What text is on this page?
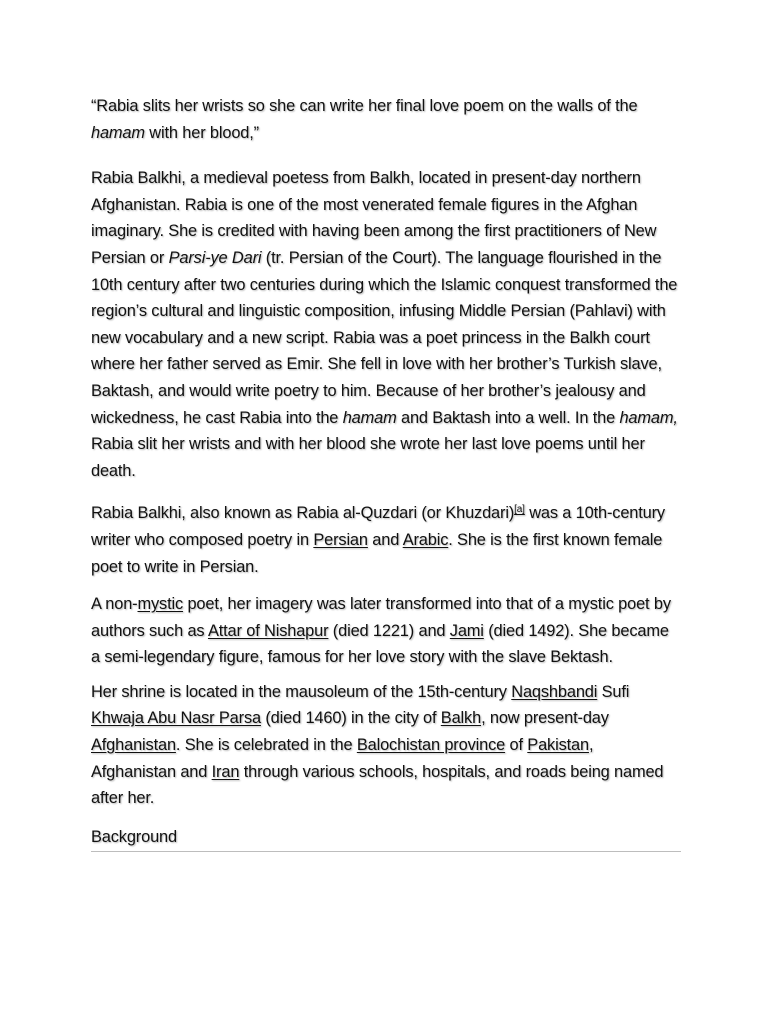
“Rabia slits her wrists so she can write her final love poem on the walls of the hamam with her blood,”

Rabia Balkhi, a medieval poetess from Balkh, located in present-day northern Afghanistan. Rabia is one of the most venerated female figures in the Afghan imaginary. She is credited with having been among the first practitioners of New Persian or Parsi-ye Dari (tr. Persian of the Court). The language flourished in the 10th century after two centuries during which the Islamic conquest transformed the region’s cultural and linguistic composition, infusing Middle Persian (Pahlavi) with new vocabulary and a new script. Rabia was a poet princess in the Balkh court where her father served as Emir. She fell in love with her brother’s Turkish slave, Baktash, and would write poetry to him. Because of her brother’s jealousy and wickedness, he cast Rabia into the hamam and Baktash into a well. In the hamam, Rabia slit her wrists and with her blood she wrote her last love poems until her death.

Rabia Balkhi, also known as Rabia al-Quzdari (or Khuzdari)[a] was a 10th-century writer who composed poetry in Persian and Arabic. She is the first known female poet to write in Persian.

A non-mystic poet, her imagery was later transformed into that of a mystic poet by authors such as Attar of Nishapur (died 1221) and Jami (died 1492). She became a semi-legendary figure, famous for her love story with the slave Bektash.

Her shrine is located in the mausoleum of the 15th-century Naqshbandi Sufi Khwaja Abu Nasr Parsa (died 1460) in the city of Balkh, now present-day Afghanistan. She is celebrated in the Balochistan province of Pakistan, Afghanistan and Iran through various schools, hospitals, and roads being named after her.

Background
